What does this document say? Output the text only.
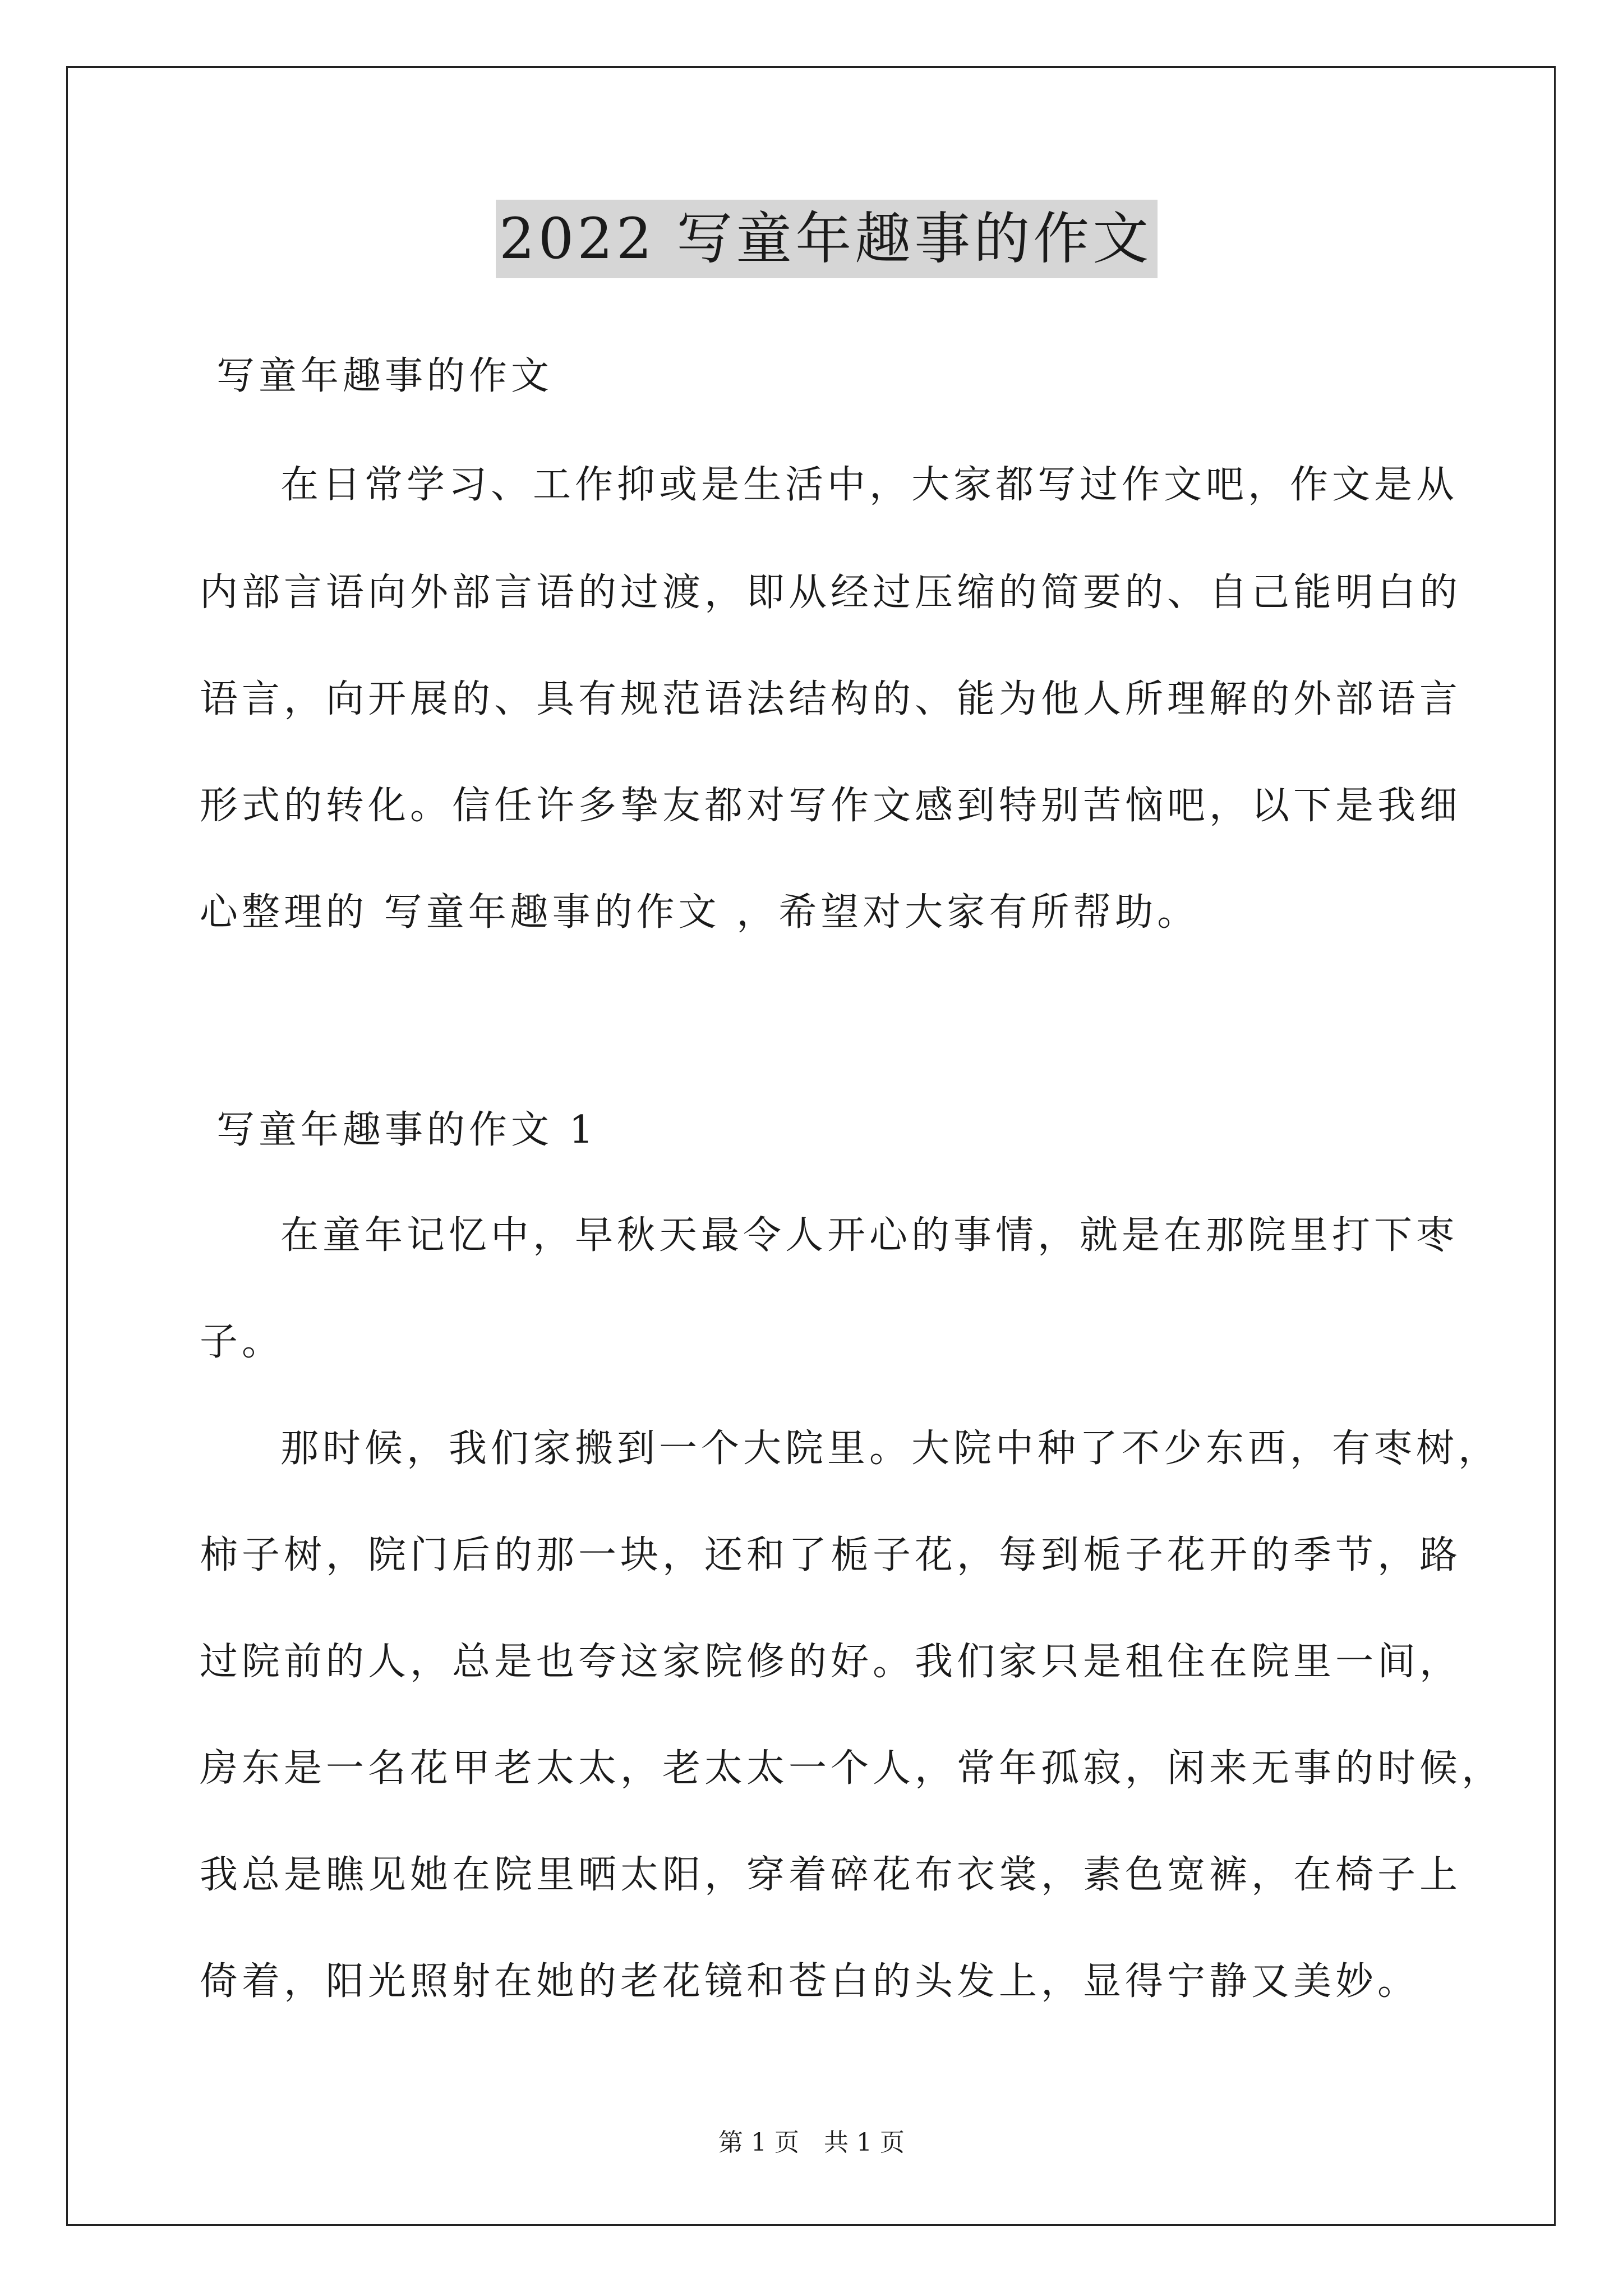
2022 写童年趣事的作文
写童年趣事的作文
在日常学习、工作抑或是生活中，大家都写过作文吧，作文是从
内部言语向外部言语的过渡，即从经过压缩的简要的、自己能明白的
语言，向开展的、具有规范语法结构的、能为他人所理解的外部语言
形式的转化。信任许多挚友都对写作文感到特别苦恼吧，以下是我细
心整理的 写童年趣事的作文 ，希望对大家有所帮助。
写童年趣事的作文 1
在童年记忆中，早秋天最令人开心的事情，就是在那院里打下枣
子。
那时候，我们家搬到一个大院里。大院中种了不少东西，有枣树，
柿子树，院门后的那一块，还和了栀子花，每到栀子花开的季节，路
过院前的人，总是也夸这家院修的好。我们家只是租住在院里一间，
房东是一名花甲老太太，老太太一个人，常年孤寂，闲来无事的时候，
我总是瞧见她在院里晒太阳，穿着碎花布衣裳，素色宽裤，在椅子上
倚着，阳光照射在她的老花镜和苍白的头发上，显得宁静又美妙。
第 1 页　共 1 页
